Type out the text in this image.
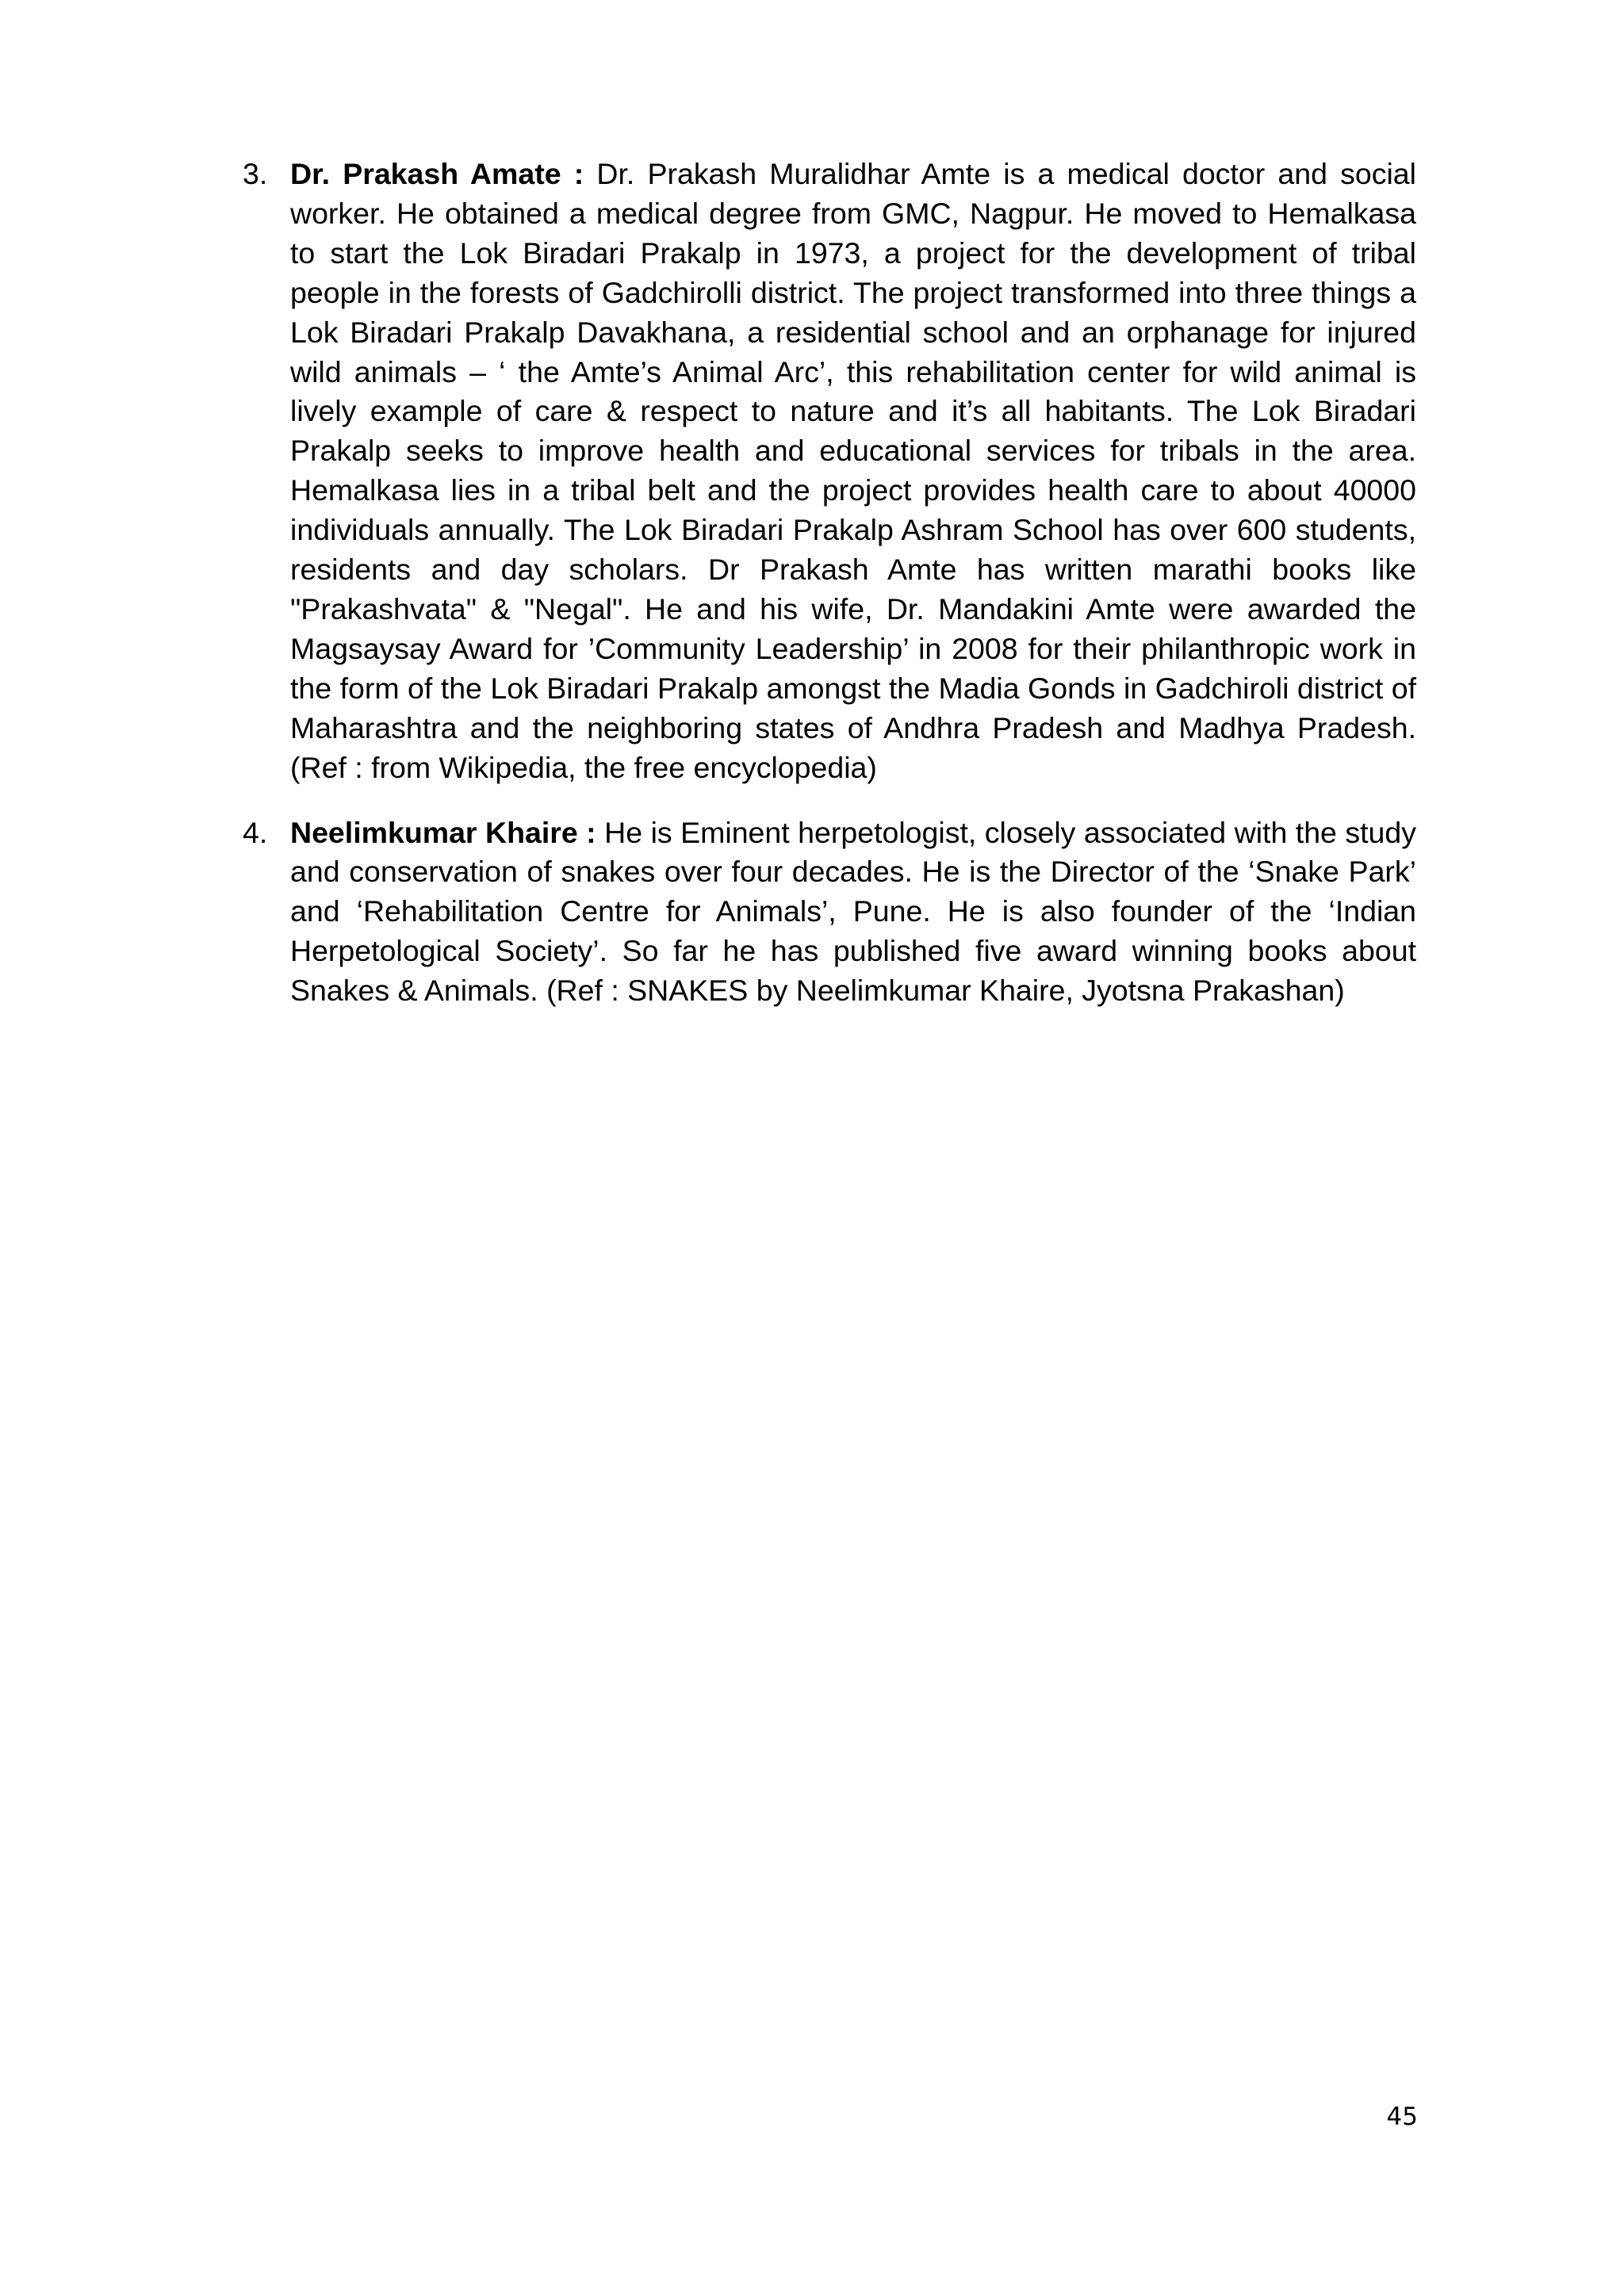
3. Dr. Prakash Amate : Dr. Prakash Muralidhar Amte is a medical doctor and social worker. He obtained a medical degree from GMC, Nagpur. He moved to Hemalkasa to start the Lok Biradari Prakalp in 1973, a project for the development of tribal people in the forests of Gadchirolli district. The project transformed into three things a Lok Biradari Prakalp Davakhana, a residential school and an orphanage for injured wild animals – ‘ the Amte’s Animal Arc’, this rehabilitation center for wild animal is lively example of care & respect to nature and it’s all habitants. The Lok Biradari Prakalp seeks to improve health and educational services for tribals in the area. Hemalkasa lies in a tribal belt and the project provides health care to about 40000 individuals annually. The Lok Biradari Prakalp Ashram School has over 600 students, residents and day scholars. Dr Prakash Amte has written marathi books like "Prakashvata" & "Negal". He and his wife, Dr. Mandakini Amte were awarded the Magsaysay Award for ’Community Leadership’ in 2008 for their philanthropic work in the form of the Lok Biradari Prakalp amongst the Madia Gonds in Gadchiroli district of Maharashtra and the neighboring states of Andhra Pradesh and Madhya Pradesh. (Ref : from Wikipedia, the free encyclopedia)
4. Neelimkumar Khaire : He is Eminent herpetologist, closely associated with the study and conservation of snakes over four decades. He is the Director of the ‘Snake Park’ and ‘Rehabilitation Centre for Animals’, Pune. He is also founder of the ‘Indian Herpetological Society’. So far he has published five award winning books about Snakes & Animals. (Ref : SNAKES by Neelimkumar Khaire, Jyotsna Prakashan)
45
